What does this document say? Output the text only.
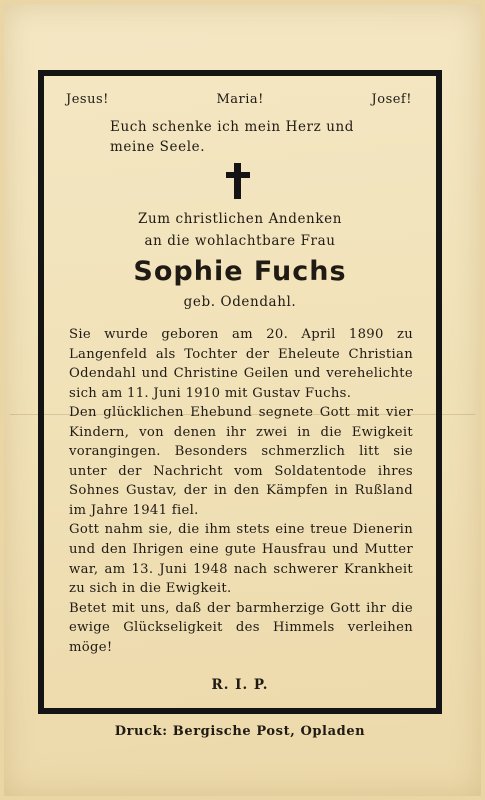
Jesus!	Maria!	Josef!
Euch schenke ich mein Herz und
meine Seele.
Zum christlichen Andenken
an die wohlachtbare Frau
Sophie Fuchs
geb. Odendahl.

Sie wurde geboren am 20. April 1890 zu Langenfeld als Tochter der Eheleute Christian Odendahl und Christine Geilen und verehelichte sich am 11. Juni 1910 mit Gustav Fuchs.

Den glücklichen Ehebund segnete Gott mit vier Kindern, von denen ihr zwei in die Ewigkeit vorangingen. Besonders schmerzlich litt sie unter der Nachricht vom Soldatentode ihres Sohnes Gustav, der in den Kämpfen in Rußland im Jahre 1941 fiel.

Gott nahm sie, die ihm stets eine treue Dienerin und den Ihrigen eine gute Hausfrau und Mutter war, am 13. Juni 1948 nach schwerer Krankheit zu sich in die Ewigkeit.

Betet mit uns, daß der barmherzige Gott ihr die ewige Glückseligkeit des Himmels verleihen möge!

R. I. P.
Druck: Bergische Post, Opladen
